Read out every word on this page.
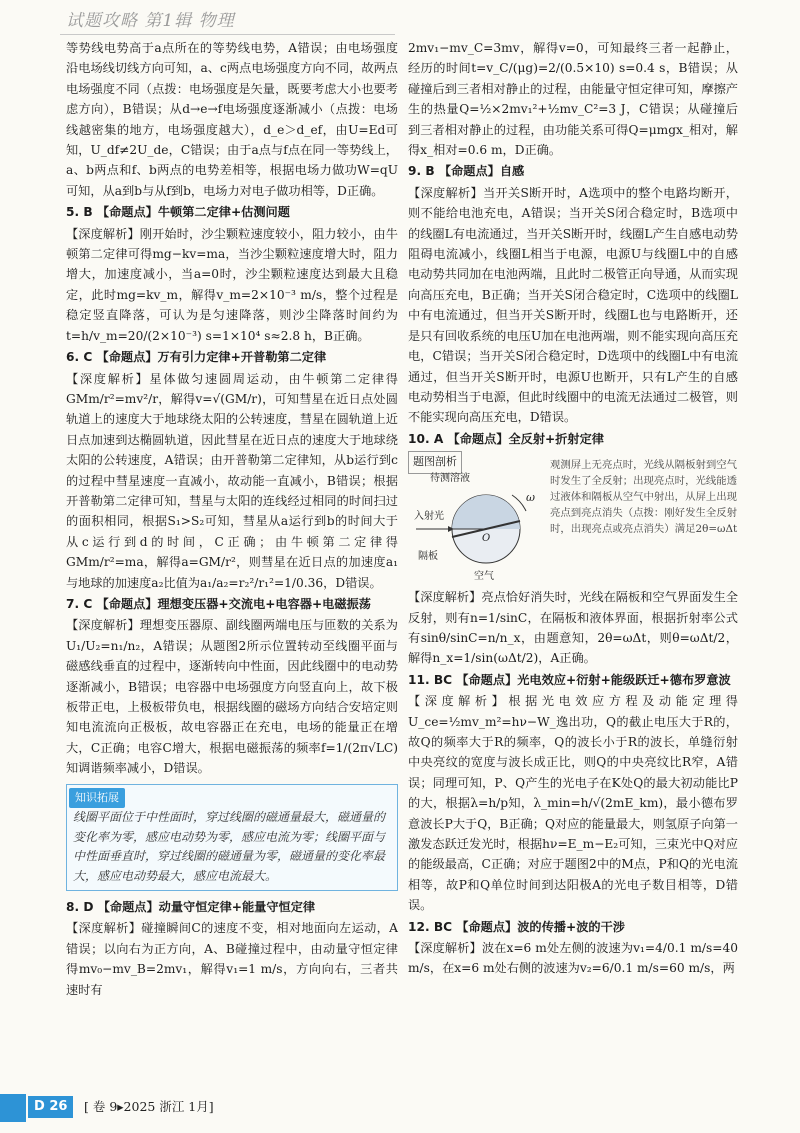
试题攻略 第1辑 物理

等势线电势高于a点所在的等势线电势，A错误；由电场强度沿电场线切线方向可知，a、c两点电场强度方向不同，故两点电场强度不同（点拨：电场强度是矢量，既要考虑大小也要考虑方向），B错误；从d→e→f电场强度逐渐减小（点拨：电场线越密集的地方，电场强度越大），d_e＞d_ef，由U=Ed可知，U_df≠2U_de，C错误；由于a点与f点在同一等势线上，a、b两点和f、b两点的电势差相等，根据电场力做功W=qU可知，从a到b与从f到b，电场力对电子做功相等，D正确。

5. B 【命题点】牛顿第二定律+估测问题

【深度解析】刚开始时，沙尘颗粒速度较小，阻力较小，由牛顿第二定律可得mg−kv=ma，当沙尘颗粒速度增大时，阻力增大，加速度减小，当a=0时，沙尘颗粒速度达到最大且稳定，此时mg=kv_m，解得v_m=2×10⁻³ m/s，整个过程是稳定竖直降落，可认为是匀速降落，则沙尘降落时间约为t=h/v_m=20/(2×10⁻³) s=1×10⁴ s≈2.8 h，B正确。

6. C 【命题点】万有引力定律+开普勒第二定律

【深度解析】星体做匀速圆周运动，由牛顿第二定律得GMm/r²=mv²/r，解得v=√(GM/r)，可知彗星在近日点处圆轨道上的速度大于地球绕太阳的公转速度，彗星在圆轨道上近日点加速到达椭圆轨道，因此彗星在近日点的速度大于地球绕太阳的公转速度，A错误；由开普勒第二定律知，从b运行到c的过程中彗星速度一直减小，故动能一直减小，B错误；根据开普勒第二定律可知，彗星与太阳的连线经过相同的时间扫过的面积相同，根据S₁>S₂可知，彗星从a运行到b的时间大于从c运行到d的时间，C正确；由牛顿第二定律得GMm/r²=ma，解得a=GM/r²，则彗星在近日点的加速度a₁与地球的加速度a₂比值为a₁/a₂=r₂²/r₁²=1/0.36，D错误。

7. C 【命题点】理想变压器+交流电+电容器+电磁振荡

【深度解析】理想变压器原、副线圈两端电压与匝数的关系为U₁/U₂=n₁/n₂，A错误；从题图2所示位置转动至线圈平面与磁感线垂直的过程中，逐渐转向中性面，因此线圈中的电动势逐渐减小，B错误；电容器中电场强度方向竖直向上，故下极板带正电，上极板带负电，根据线圈的磁场方向结合安培定则知电流流向正极板，故电容器正在充电，电场的能量正在增大，C正确；电容C增大，根据电磁振荡的频率f=1/(2π√LC)知调谐频率减小，D错误。

知识拓展
线圈平面位于中性面时，穿过线圈的磁通量最大，磁通量的变化率为零，感应电动势为零，感应电流为零；线圈平面与中性面垂直时，穿过线圈的磁通量为零，磁通量的变化率最大，感应电动势最大，感应电流最大。

8. D 【命题点】动量守恒定律+能量守恒定律

【深度解析】碰撞瞬间C的速度不变，相对地面向左运动，A错误；以向右为正方向，A、B碰撞过程中，由动量守恒定律得mv₀−mv_B=2mv₁，解得v₁=1 m/s，方向向右，三者共速时有

2mv₁−mv_C=3mv，解得v=0，可知最终三者一起静止，经历的时间t=v_C/(μg)=2/(0.5×10) s=0.4 s，B错误；从碰撞后到三者相对静止的过程，由能量守恒定律可知，摩擦产生的热量Q=½×2mv₁²+½mv_C²=3 J，C错误；从碰撞后到三者相对静止的过程，由功能关系可得Q=μmgx_相对，解得x_相对=0.6 m，D正确。

9. B 【命题点】自感

【深度解析】当开关S断开时，A选项中的整个电路均断开，则不能给电池充电，A错误；当开关S闭合稳定时，B选项中的线圈L有电流通过，当开关S断开时，线圈L产生自感电动势阻碍电流减小，线圈L相当于电源，电源U与线圈L中的自感电动势共同加在电池两端，且此时二极管正向导通，从而实现向高压充电，B正确；当开关S闭合稳定时，C选项中的线圈L中有电流通过，但当开关S断开时，线圈L也与电路断开，还是只有回收系统的电压U加在电池两端，则不能实现向高压充电，C错误；当开关S闭合稳定时，D选项中的线圈L中有电流通过，但当开关S断开时，电源U也断开，只有L产生的自感电动势相当于电源，但此时线圈中的电流无法通过二极管，则不能实现向高压充电，D错误。

10. A 【命题点】全反射+折射定律

题图剖析
入射光
待测溶液
隔板
空气
O
ω
观测屏上无亮点时，光线从隔板射到空气时发生了全反射；出现亮点时，光线能透过液体和隔板从空气中射出，从屏上出现亮点到亮点消失（点拨：刚好发生全反射时，出现亮点或亮点消失）满足2θ=ωΔt

【深度解析】亮点恰好消失时，光线在隔板和空气界面发生全反射，则有n=1/sinC，在隔板和液体界面，根据折射率公式有sinθ/sinC=n/n_x，由题意知，2θ=ωΔt，则θ=ωΔt/2，解得n_x=1/sin(ωΔt/2)，A正确。

11. BC 【命题点】光电效应+衍射+能级跃迁+德布罗意波

【深度解析】根据光电效应方程及动能定理得U_ce=½mv_m²=hν−W_逸出功，Q的截止电压大于R的，故Q的频率大于R的频率，Q的波长小于R的波长，单缝衍射中央亮纹的宽度与波长成正比，则Q的中央亮纹比R窄，A错误；同理可知，P、Q产生的光电子在K处Q的最大初动能比P的大，根据λ=h/p知，λ_min=h/√(2mE_km)，最小德布罗意波长P大于Q，B正确；Q对应的能量最大，则氢原子向第一激发态跃迁发光时，根据hν=E_m−E₂可知，三束光中Q对应的能级最高，C正确；对应于题图2中的M点，P和Q的光电流相等，故P和Q单位时间到达阳极A的光电子数目相等，D错误。

12. BC 【命题点】波的传播+波的干涉

【深度解析】波在x=6 m处左侧的波速为v₁=4/0.1 m/s=40 m/s，在x=6 m处右侧的波速为v₂=6/0.1 m/s=60 m/s，两

D 26	[ 卷 9▸2025 浙江 1月]
